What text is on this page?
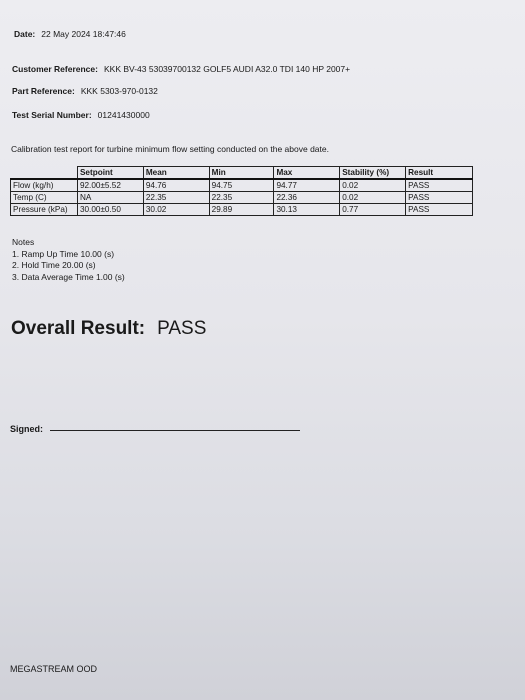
Date: 22 May 2024 18:47:46
Customer Reference: KKK BV-43 53039700132 GOLF5 AUDI A32.0 TDI 140 HP 2007+
Part Reference: KKK 5303-970-0132
Test Serial Number: 01241430000
Calibration test report for turbine minimum flow setting conducted on the above date.
	Setpoint	Mean	Min	Max	Stability (%)	Result
Flow (kg/h)	92.00±5.52	94.76	94.75	94.77	0.02	PASS
Temp (C)	NA	22.35	22.35	22.36	0.02	PASS
Pressure (kPa)	30.00±0.50	30.02	29.89	30.13	0.77	PASS
Notes
1. Ramp Up Time 10.00 (s)
2. Hold Time 20.00 (s)
3. Data Average Time 1.00 (s)
Overall Result: PASS
Signed:
MEGASTREAM OOD
